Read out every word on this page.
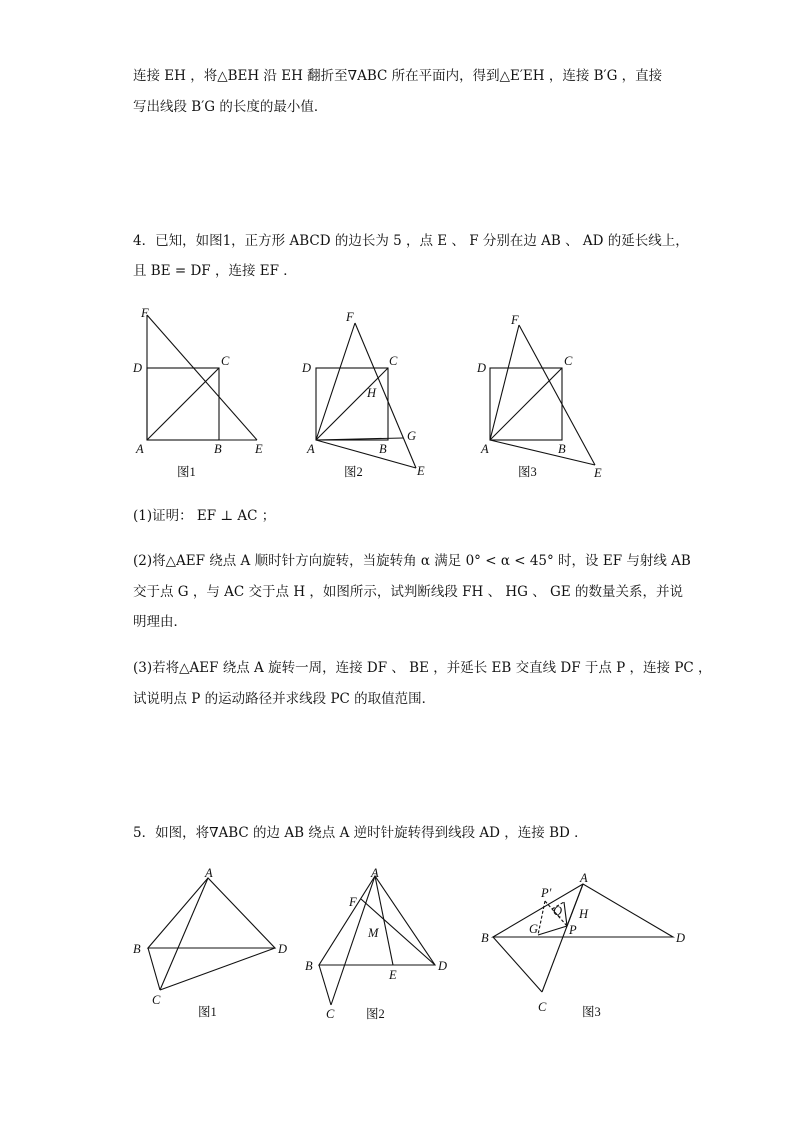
连接 EH ，将△BEH 沿 EH 翻折至∇ABC 所在平面内，得到△E′EH ，连接 B′G ，直接

写出线段 B′G 的长度的最小值．

4．已知，如图1，正方形 ABCD 的边长为 5 ，点 E 、 F 分别在边 AB 、 AD 的延长线上，

且 BE = DF ，连接 EF ．

F
D	C
A	B	E
图1
F
D	C
H
G
A	B
E
图2
F
D	C
A	B
E
图3

(1)证明： EF ⊥ AC ；

(2)将△AEF 绕点 A 顺时针方向旋转，当旋转角 α 满足 0° < α < 45° 时，设 EF 与射线 AB

交于点 G ，与 AC 交于点 H ，如图所示，试判断线段 FH 、 HG 、 GE 的数量关系，并说

明理由．

(3)若将△AEF 绕点 A 旋转一周，连接 DF 、 BE ，并延长 EB 交直线 DF 于点 P ，连接 PC ，

试说明点 P 的运动路径并求线段 PC 的取值范围．

5．如图，将∇ABC 的边 AB 绕点 A 逆时针旋转得到线段 AD ，连接 BD ．

A
B	D
C
图1
A
F
M
B
E
D
C	图2
A
P′
Q H
B
G P
D
C	图3
